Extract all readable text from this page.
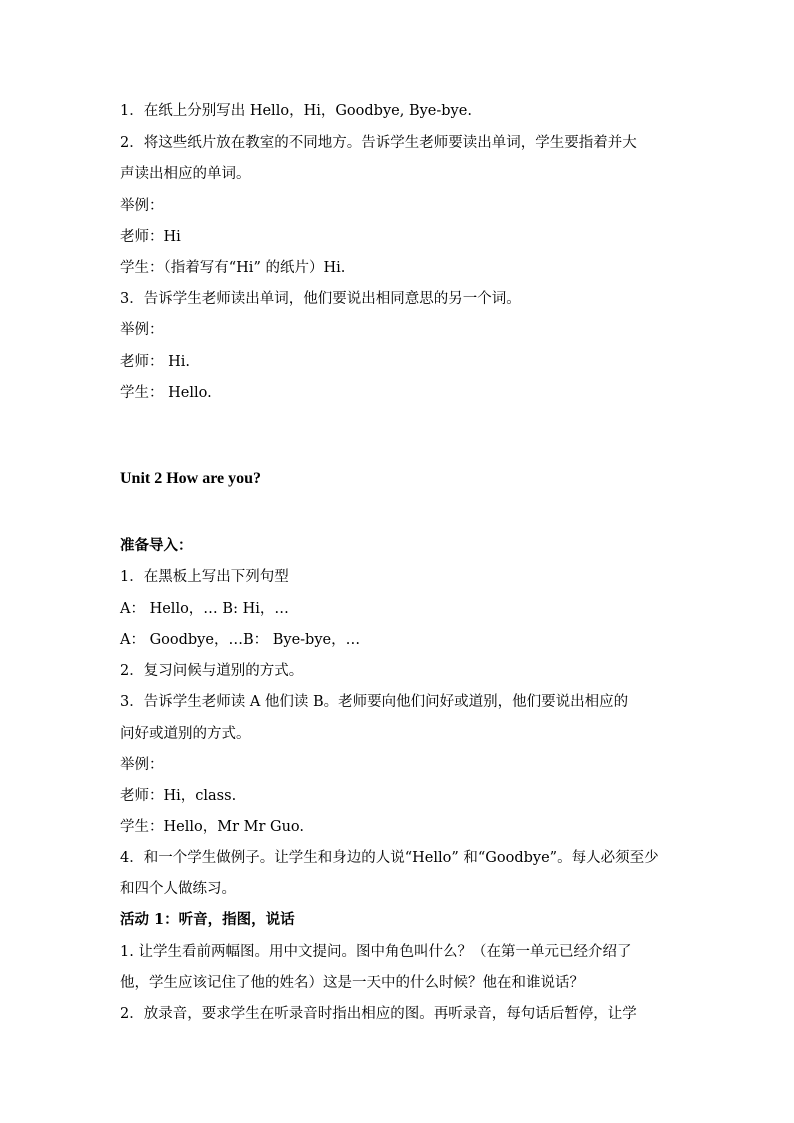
1．在纸上分别写出 Hello，Hi，Goodbye, Bye-bye.
2．将这些纸片放在教室的不同地方。告诉学生老师要读出单词，学生要指着并大
声读出相应的单词。
举例：
老师：Hi
学生：（指着写有“Hi” 的纸片）Hi.
3．告诉学生老师读出单词，他们要说出相同意思的另一个词。
举例：
老师： Hi.
学生： Hello.
Unit 2 How are you?
准备导入：
1．在黑板上写出下列句型
A： Hello，… B: Hi，…
A： Goodbye，…B： Bye-bye，…
2．复习问候与道别的方式。
3．告诉学生老师读 A 他们读 B。老师要向他们问好或道别，他们要说出相应的
问好或道别的方式。
举例：
老师：Hi，class.
学生：Hello，Mr Mr Guo.
4．和一个学生做例子。让学生和身边的人说“Hello” 和“Goodbye”。每人必须至少
和四个人做练习。
活动 1：听音，指图，说话
1. 让学生看前两幅图。用中文提问。图中角色叫什么？（在第一单元已经介绍了
他，学生应该记住了他的姓名）这是一天中的什么时候？他在和谁说话？
2．放录音，要求学生在听录音时指出相应的图。再听录音，每句话后暂停，让学
